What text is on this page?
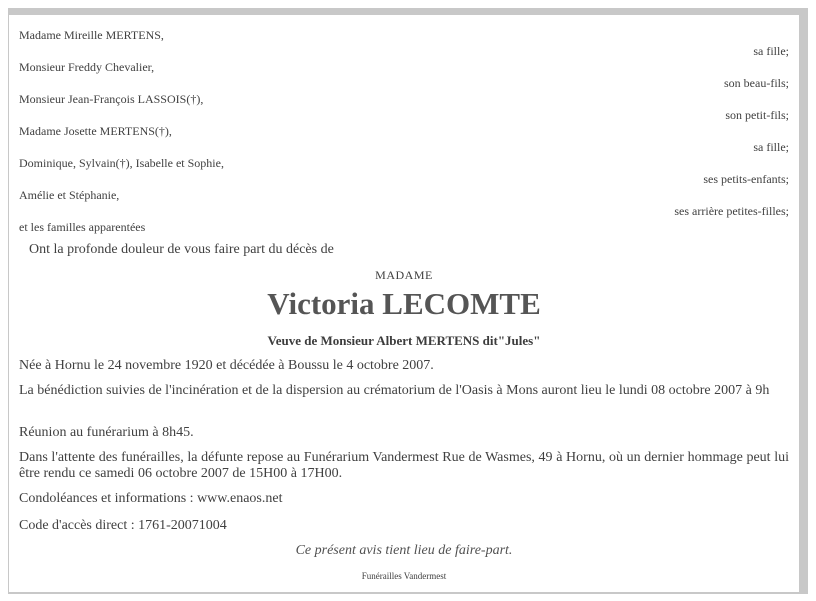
Madame Mireille MERTENS,
sa fille;
Monsieur Freddy Chevalier,
son beau-fils;
Monsieur Jean-François LASSOIS(†),
son petit-fils;
Madame Josette MERTENS(†),
sa fille;
Dominique, Sylvain(†), Isabelle et Sophie,
ses petits-enfants;
Amélie et Stéphanie,
ses arrière petites-filles;
et les familles apparentées
Ont la profonde douleur de vous faire part du décès de
MADAME
Victoria LECOMTE
Veuve de Monsieur Albert MERTENS dit"Jules"
Née à Hornu le 24 novembre 1920 et décédée à Boussu le 4 octobre 2007.
La bénédiction suivies de l'incinération et de la dispersion au crématorium de l'Oasis à Mons auront lieu le lundi 08 octobre 2007 à 9h
Réunion au funérarium à 8h45.
Dans l'attente des funérailles, la défunte repose au Funérarium Vandermest Rue de Wasmes, 49 à Hornu, où un dernier hommage peut lui être rendu ce samedi 06 octobre 2007 de 15H00 à 17H00.
Condoléances et informations : www.enaos.net
Code d'accès direct : 1761-20071004
Ce présent avis tient lieu de faire-part.
Funérailles Vandermest
